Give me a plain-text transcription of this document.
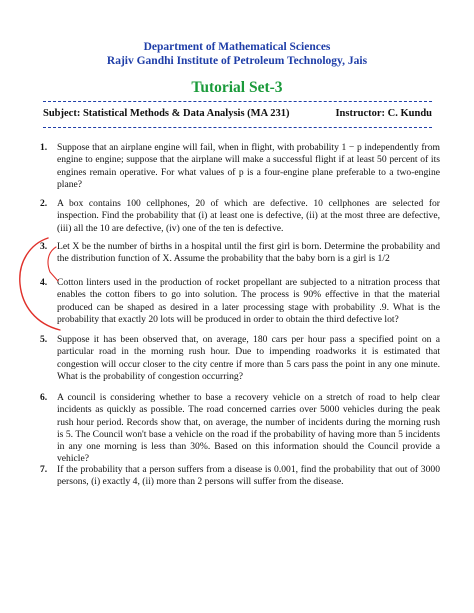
Department of Mathematical Sciences
Rajiv Gandhi Institute of Petroleum Technology, Jais
Tutorial Set-3
Subject: Statistical Methods & Data Analysis (MA 231)	Instructor: C. Kundu
1.	Suppose that an airplane engine will fail, when in flight, with probability 1 − p independently from engine to engine; suppose that the airplane will make a successful flight if at least 50 percent of its engines remain operative. For what values of p is a four-engine plane preferable to a two-engine plane?
2.	A box contains 100 cellphones, 20 of which are defective. 10 cellphones are selected for inspection. Find the probability that (i) at least one is defective, (ii) at the most three are defective, (iii) all the 10 are defective, (iv) one of the ten is defective.
3.	Let X be the number of births in a hospital until the first girl is born. Determine the probability and the distribution function of X. Assume the probability that the baby born is a girl is 1/2
4.	Cotton linters used in the production of rocket propellant are subjected to a nitration process that enables the cotton fibers to go into solution. The process is 90% effective in that the material produced can be shaped as desired in a later processing stage with probability .9. What is the probability that exactly 20 lots will be produced in order to obtain the third defective lot?
5.	Suppose it has been observed that, on average, 180 cars per hour pass a specified point on a particular road in the morning rush hour. Due to impending roadworks it is estimated that congestion will occur closer to the city centre if more than 5 cars pass the point in any one minute. What is the probability of congestion occurring?
6.	A council is considering whether to base a recovery vehicle on a stretch of road to help clear incidents as quickly as possible. The road concerned carries over 5000 vehicles during the peak rush hour period. Records show that, on average, the number of incidents during the morning rush is 5. The Council won't base a vehicle on the road if the probability of having more than 5 incidents in any one morning is less than 30%. Based on this information should the Council provide a vehicle?
7.	If the probability that a person suffers from a disease is 0.001, find the probability that out of 3000 persons, (i) exactly 4, (ii) more than 2 persons will suffer from the disease.
